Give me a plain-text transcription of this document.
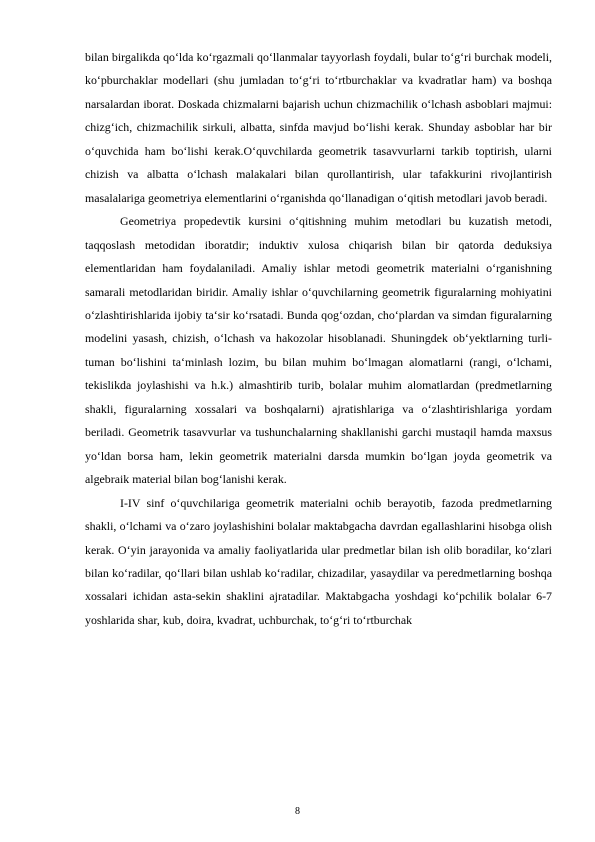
bilan birgalikda qoʻlda koʻrgazmali qoʻllanmalar tayyorlash foydali, bular toʻgʻri burchak modeli, koʻpburchaklar modellari (shu jumladan toʻgʻri toʻrtburchaklar va kvadratlar ham) va boshqa narsalardan iborat. Doskada chizmalarni bajarish uchun chizmachilik oʻlchash asboblari majmui: chizgʻich, chizmachilik sirkuli, albatta, sinfda mavjud boʻlishi kerak. Shunday asboblar har bir oʻquvchida ham boʻlishi kerak.Oʻquvchilarda geometrik tasavvurlarni tarkib toptirish, ularni chizish va albatta oʻlchash malakalari bilan qurollantirish, ular tafakkurini rivojlantirish masalalariga geometriya elementlarini oʻrganishda qoʻllanadigan oʻqitish metodlari javob beradi.

Geometriya propedevtik kursini oʻqitishning muhim metodlari bu kuzatish metodi, taqqoslash metodidan iboratdir; induktiv xulosa chiqarish bilan bir qatorda deduksiya elementlaridan ham foydalaniladi. Amaliy ishlar metodi geometrik materialni oʻrganishning samarali metodlaridan biridir. Amaliy ishlar oʻquvchilarning geometrik figuralarning mohiyatini oʻzlashtirishlarida ijobiy taʻsir koʻrsatadi. Bunda qogʻozdan, choʻplardan va simdan figuralarning modelini yasash, chizish, oʻlchash va hakozolar hisoblanadi. Shuningdek obʻyektlarning turli-tuman boʻlishini taʻminlash lozim, bu bilan muhim boʻlmagan alomatlarni (rangi, oʻlchami, tekislikda joylashishi va h.k.) almashtirib turib, bolalar muhim alomatlardan (predmetlarning shakli, figuralarning xossalari va boshqalarni) ajratishlariga va oʻzlashtirishlariga yordam beriladi. Geometrik tasavvurlar va tushunchalarning shakllanishi garchi mustaqil hamda maxsus yoʻldan borsa ham, lekin geometrik materialni darsda mumkin boʻlgan joyda geometrik va algebraik material bilan bogʻlanishi kerak.

I-IV sinf oʻquvchilariga geometrik materialni ochib berayotib, fazoda predmetlarning shakli, oʻlchami va oʻzaro joylashishini bolalar maktabgacha davrdan egallashlarini hisobga olish kerak. Oʻyin jarayonida va amaliy faoliyatlarida ular predmetlar bilan ish olib boradilar, koʻzlari bilan koʻradilar, qoʻllari bilan ushlab koʻradilar, chizadilar, yasaydilar va peredmetlarning boshqa xossalari ichidan asta-sekin shaklini ajratadilar. Maktabgacha yoshdagi koʻpchilik bolalar 6-7 yoshlarida shar, kub, doira, kvadrat, uchburchak, toʻgʻri toʻrtburchak

8
